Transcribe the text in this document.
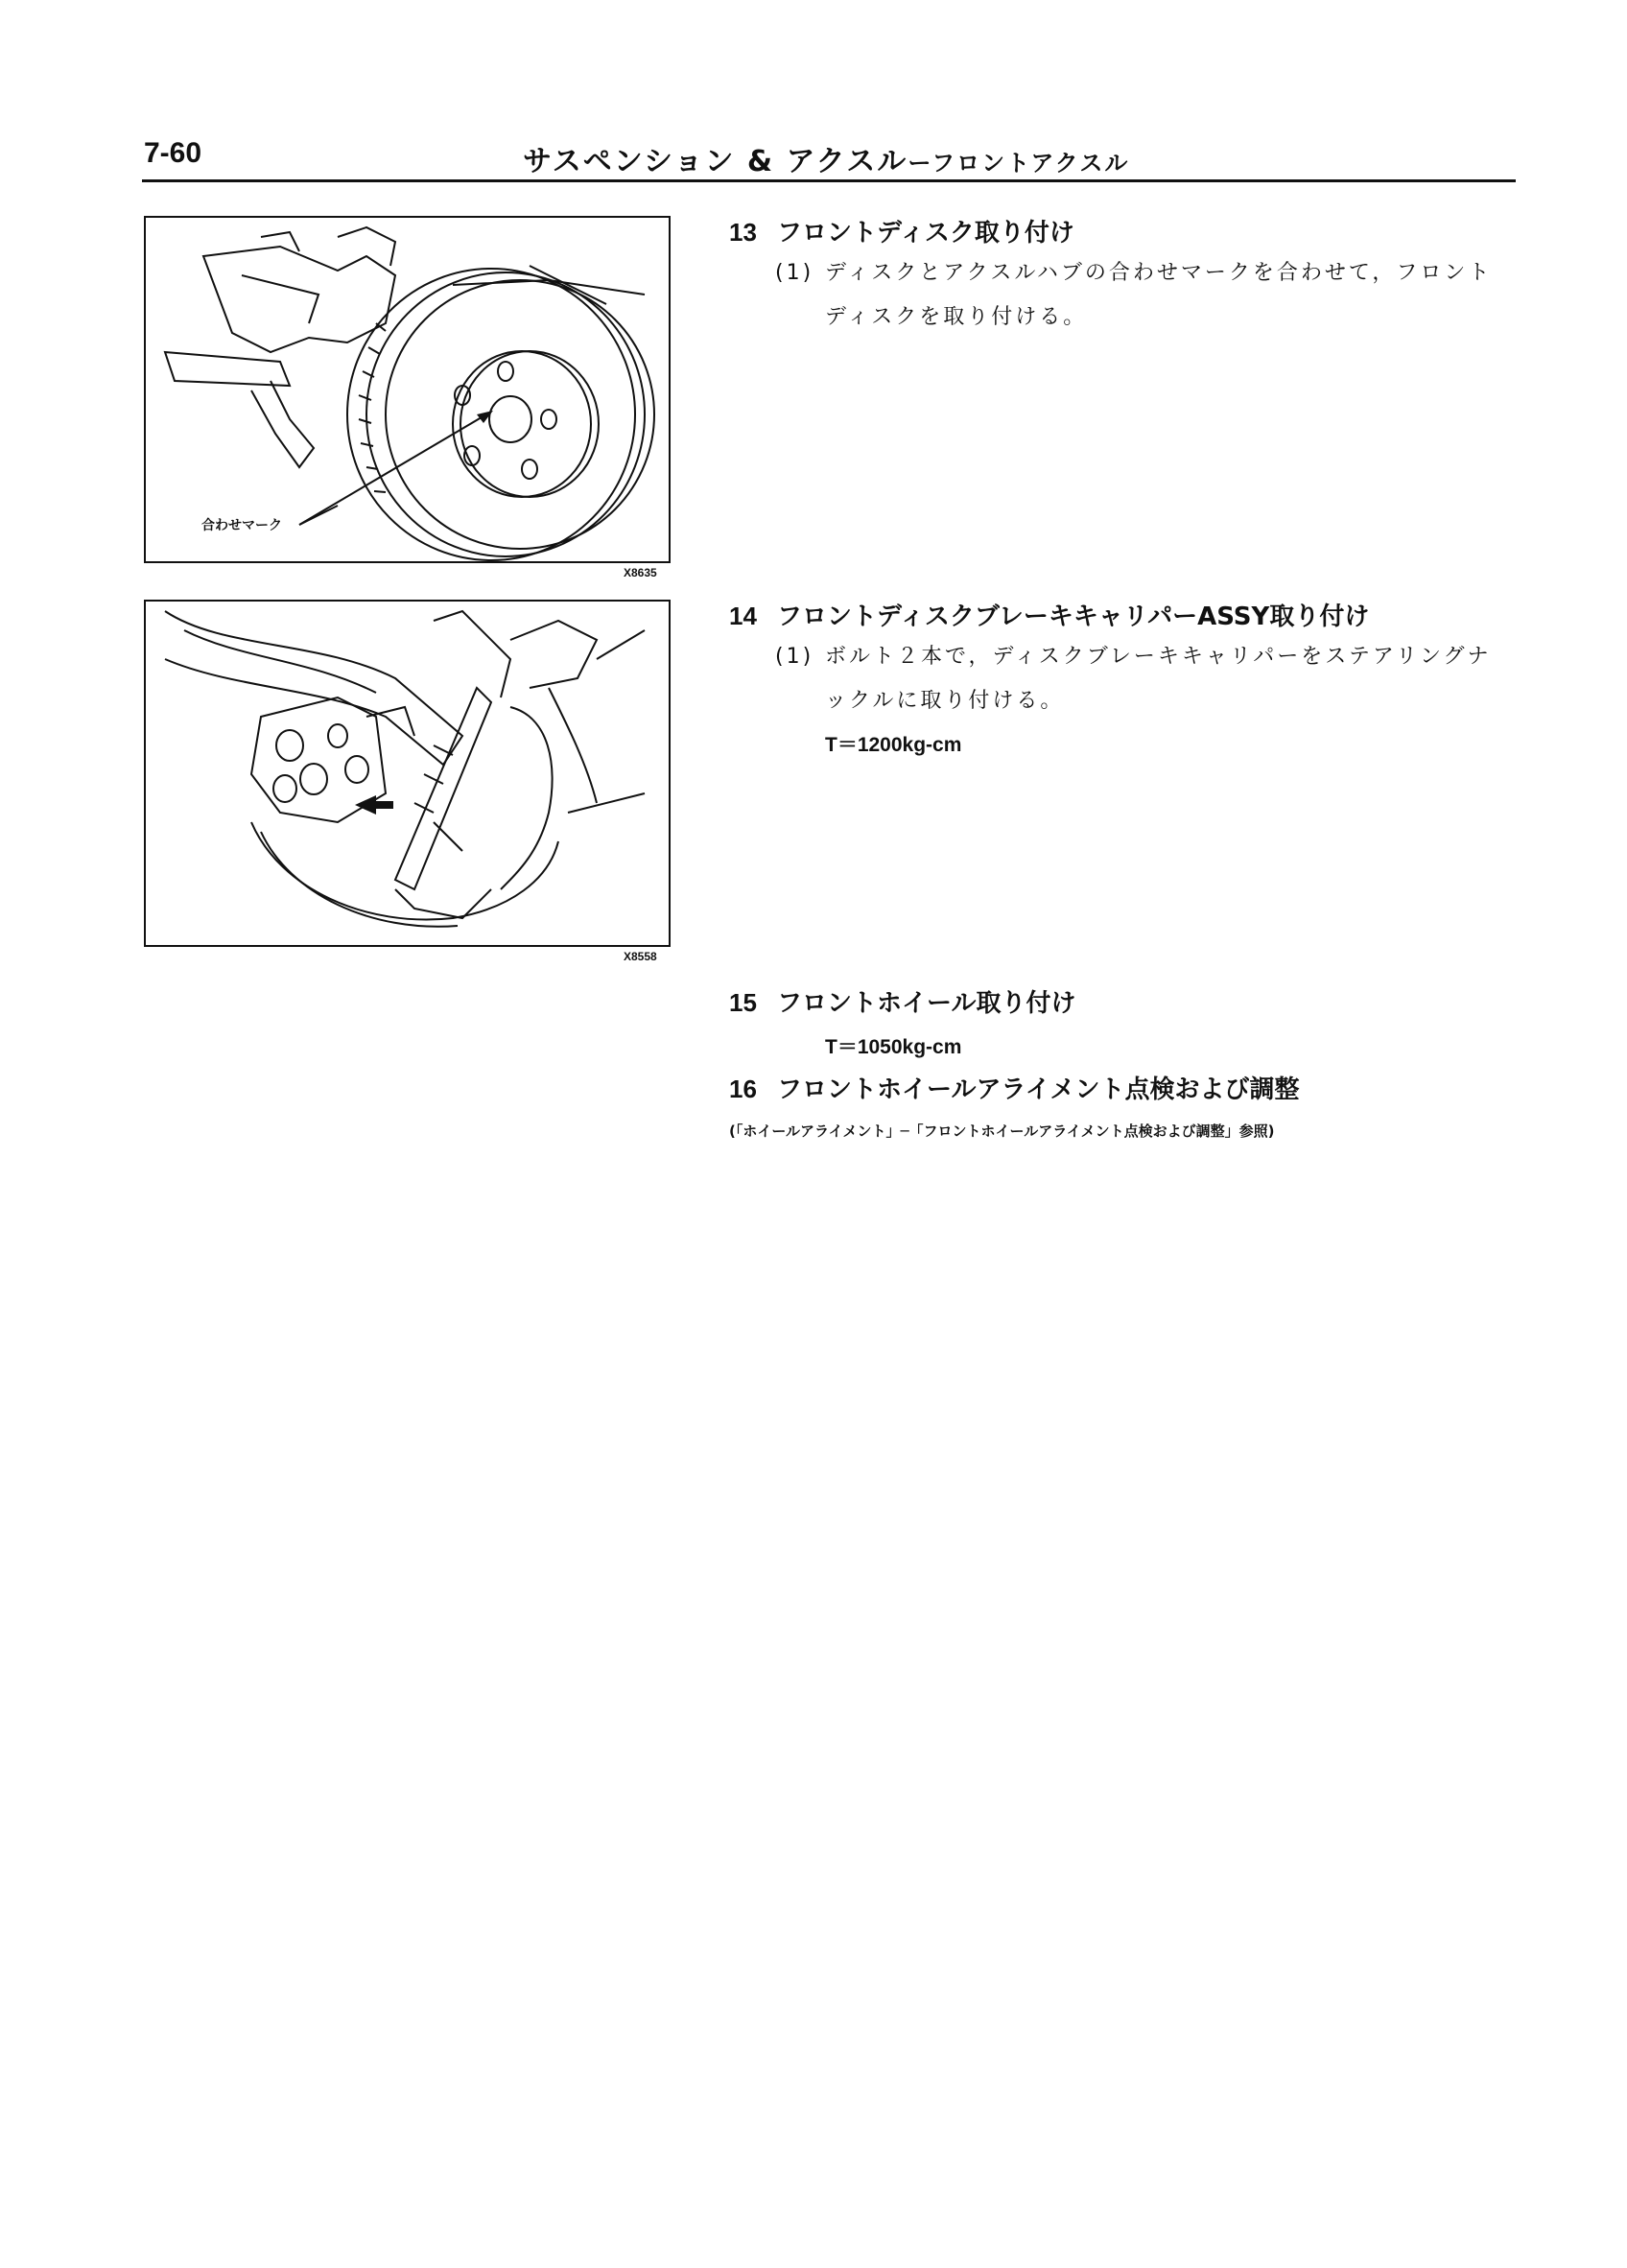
7-60	サスペンション & アクスルーフロントアクスル
合わせマーク
X8635
X8558
13 フロントディスク取り付け
(1) ディスクとアクスルハブの合わせマークを合わせて，フロント
ディスクを取り付ける。
14 フロントディスクブレーキキャリパーASSY取り付け
(1) ボルト２本で，ディスクブレーキキャリパーをステアリングナ
ックルに取り付ける。
T＝1200kg-cm
15 フロントホイール取り付け
T＝1050kg-cm
16 フロントホイールアライメント点検および調整
(「ホイールアライメント」─「フロントホイールアライメント点検および調整」参照)
